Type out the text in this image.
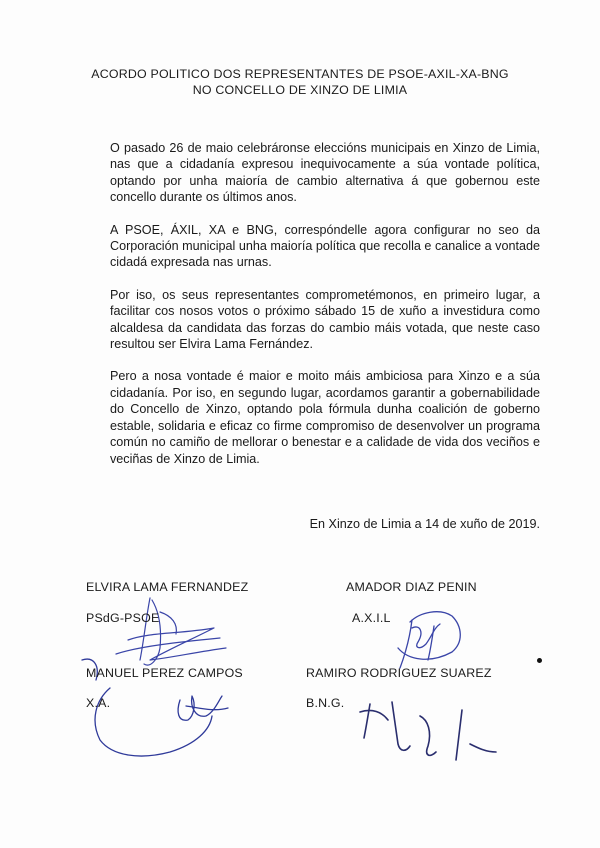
ACORDO POLITICO DOS REPRESENTANTES DE PSOE-AXIL-XA-BNG
NO CONCELLO DE XINZO DE LIMIA

O pasado 26 de maio celebráronse eleccións municipais en Xinzo de Limia, nas que a cidadanía expresou inequivocamente a súa vontade política, optando por unha maioría de cambio alternativa á que gobernou este concello durante os últimos anos.

A PSOE, ÁXIL, XA e BNG, correspóndelle agora configurar no seo da Corporación municipal unha maioría política que recolla e canalice a vontade cidadá expresada nas urnas.

Por iso, os seus representantes comprometémonos, en primeiro lugar, a facilitar cos nosos votos o próximo sábado 15 de xuño a investidura como alcaldesa da candidata das forzas do cambio máis votada, que neste caso resultou ser Elvira Lama Fernández.

Pero a nosa vontade é maior e moito máis ambiciosa para Xinzo e a súa cidadanía. Por iso, en segundo lugar, acordamos garantir a gobernabilidade do Concello de Xinzo, optando pola fórmula dunha coalición de goberno estable, solidaria e eficaz co firme compromiso de desenvolver un programa común no camiño de mellorar o benestar e a calidade de vida dos veciños e veciñas de Xinzo de Limia.

En Xinzo de Limia a 14 de xuño de 2019.
ELVIRA LAMA FERNANDEZ
PSdG-PSOE
AMADOR DIAZ PENIN
A.X.I.L
MANUEL PEREZ CAMPOS
X.A.
RAMIRO RODRIGUEZ SUAREZ
B.N.G.
